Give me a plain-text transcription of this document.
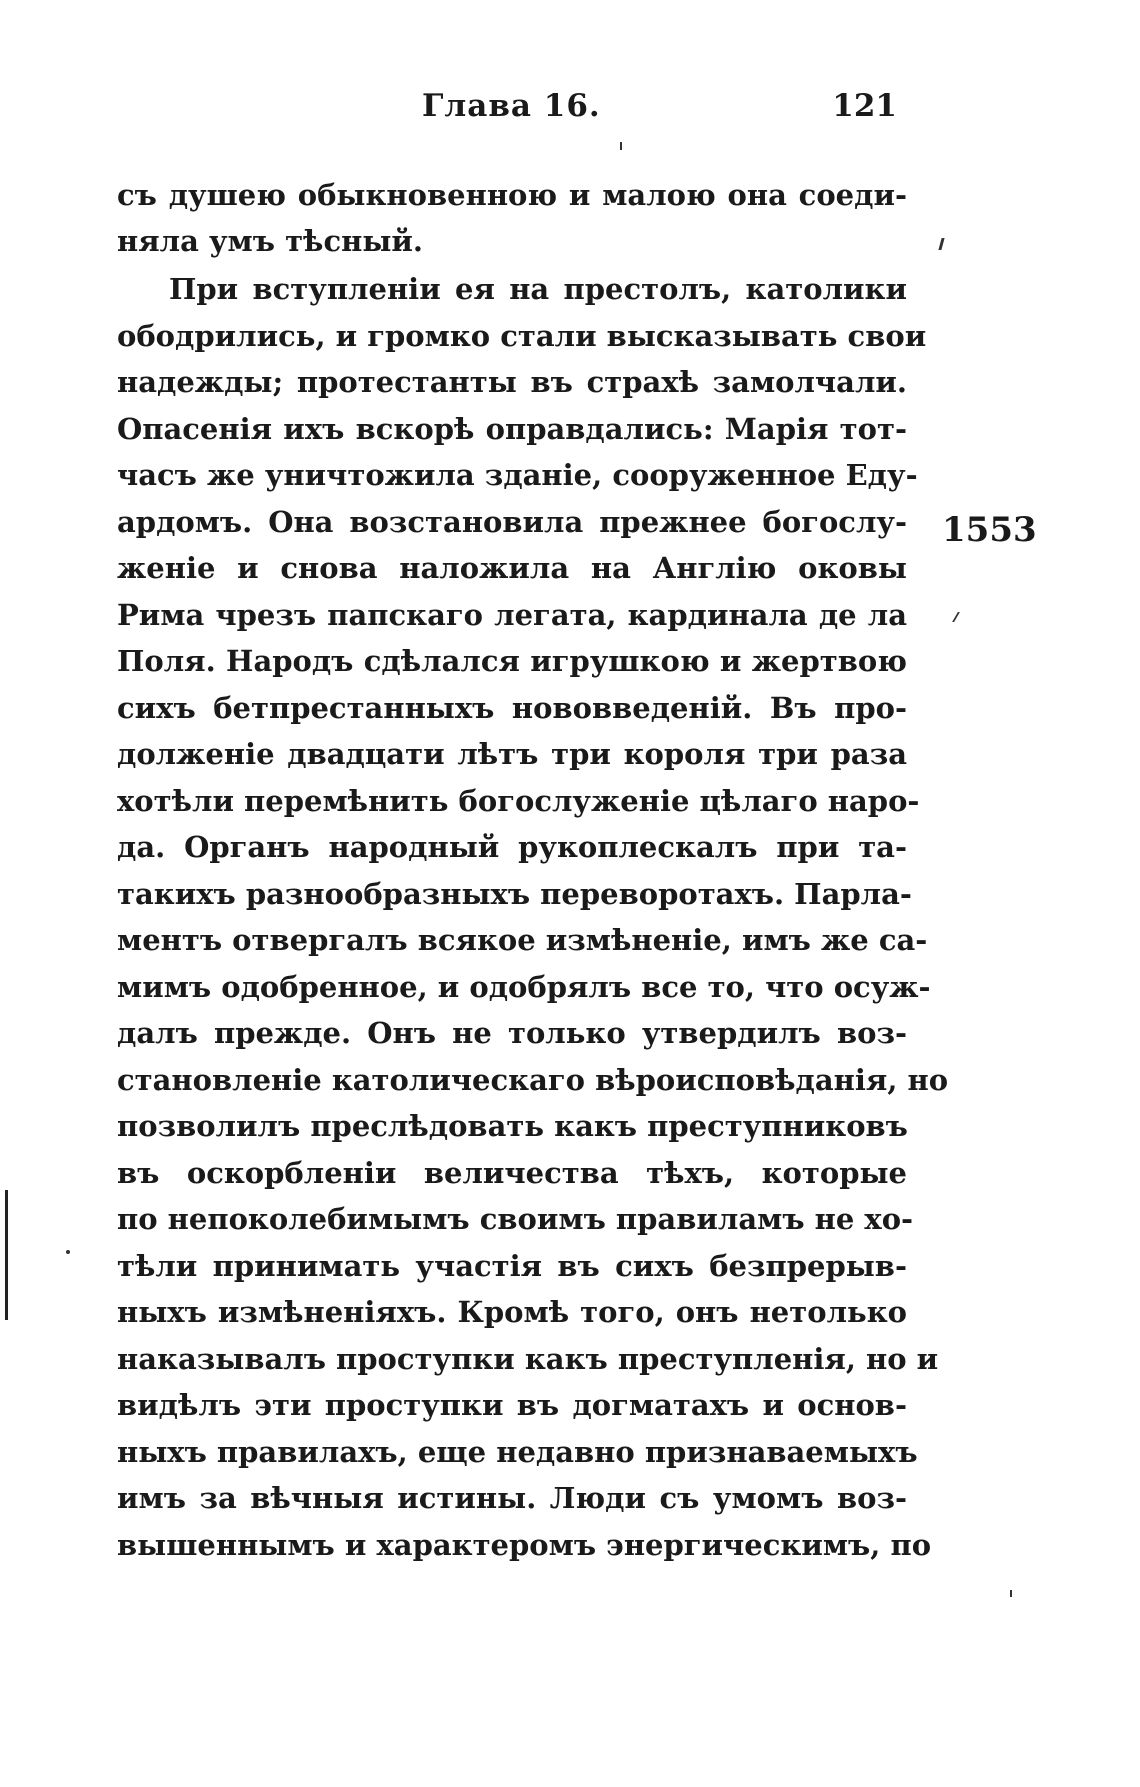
Глава 16.	121
съ душею обыкновенною и малою она соеди-
няла умъ тѣсный.
При вступленіи ея на престолъ, католики
ободрились, и громко стали высказывать свои
надежды; протестанты въ страхѣ замолчали.
Опасенія ихъ вскорѣ оправдались: Марія тот-
часъ же уничтожила зданіе, сооруженное Еду-
ардомъ. Она возстановила прежнее богослу-
женіе и снова наложила на Англію оковы
Рима чрезъ папскаго легата, кардинала де ла
Поля. Народъ сдѣлался игрушкою и жертвою
сихъ бетпрестанныхъ нововведеній. Въ про-
долженіе двадцати лѣтъ три короля три раза
хотѣли перемѣнить богослуженіе цѣлаго наро-
да. Органъ народный рукоплескалъ при та-
такихъ разнообразныхъ переворотахъ. Парла-
ментъ отвергалъ всякое измѣненіе, имъ же са-
мимъ одобренное, и одобрялъ все то, что осуж-
далъ прежде. Онъ не только утвердилъ воз-
становленіе католическаго вѣроисповѣданія, но
позволилъ преслѣдовать какъ преступниковъ
въ оскорбленіи величества тѣхъ, которые
по непоколебимымъ своимъ правиламъ не хо-
тѣли принимать участія въ сихъ безпрерыв-
ныхъ измѣненіяхъ. Кромѣ того, онъ нетолько
наказывалъ проступки какъ преступленія, но и
видѣлъ эти проступки въ догматахъ и основ-
ныхъ правилахъ, еще недавно признаваемыхъ
имъ за вѣчныя истины. Люди съ умомъ воз-
вышеннымъ и характеромъ энергическимъ, по
1553
